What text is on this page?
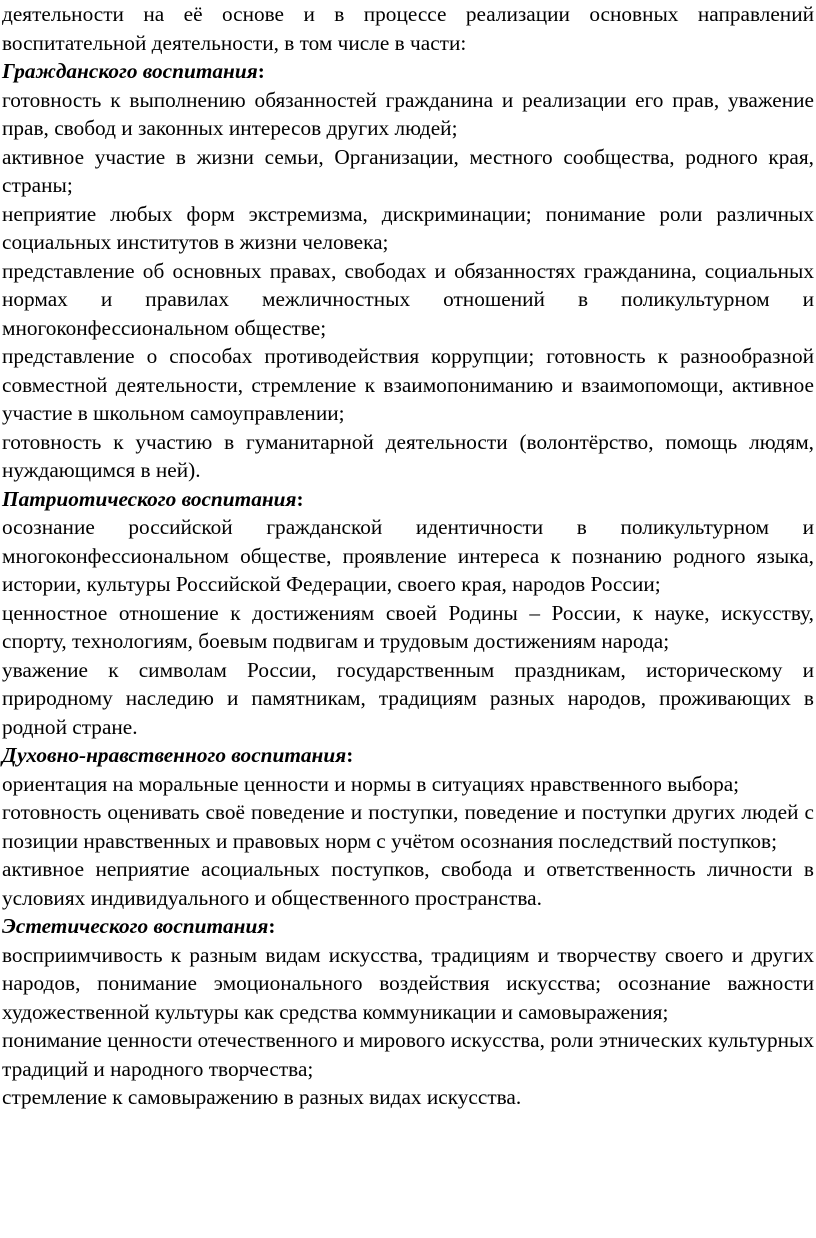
деятельности на её основе и в процессе реализации основных направлений воспитательной деятельности, в том числе в части:

Гражданского воспитания:

готовность к выполнению обязанностей гражданина и реализации его прав, уважение прав, свобод и законных интересов других людей;

активное участие в жизни семьи, Организации, местного сообщества, родного края, страны;

неприятие любых форм экстремизма, дискриминации; понимание роли различных социальных институтов в жизни человека;

представление об основных правах, свободах и обязанностях гражданина, социальных нормах и правилах межличностных отношений в поликультурном и многоконфессиональном обществе;

представление о способах противодействия коррупции; готовность к разнообразной совместной деятельности, стремление к взаимопониманию и взаимопомощи, активное участие в школьном самоуправлении;

готовность к участию в гуманитарной деятельности (волонтёрство, помощь людям, нуждающимся в ней).

Патриотического воспитания:

осознание российской гражданской идентичности в поликультурном и многоконфессиональном обществе, проявление интереса к познанию родного языка, истории, культуры Российской Федерации, своего края, народов России;

ценностное отношение к достижениям своей Родины – России, к науке, искусству, спорту, технологиям, боевым подвигам и трудовым достижениям народа;

уважение к символам России, государственным праздникам, историческому и природному наследию и памятникам, традициям разных народов, проживающих в родной стране.

Духовно-нравственного воспитания:

ориентация на моральные ценности и нормы в ситуациях нравственного выбора;

готовность оценивать своё поведение и поступки, поведение и поступки других людей с позиции нравственных и правовых норм с учётом осознания последствий поступков;

активное неприятие асоциальных поступков, свобода и ответственность личности в условиях индивидуального и общественного пространства.

Эстетического воспитания:

восприимчивость к разным видам искусства, традициям и творчеству своего и других народов, понимание эмоционального воздействия искусства; осознание важности художественной культуры как средства коммуникации и самовыражения;

понимание ценности отечественного и мирового искусства, роли этнических культурных традиций и народного творчества;

стремление к самовыражению в разных видах искусства.
